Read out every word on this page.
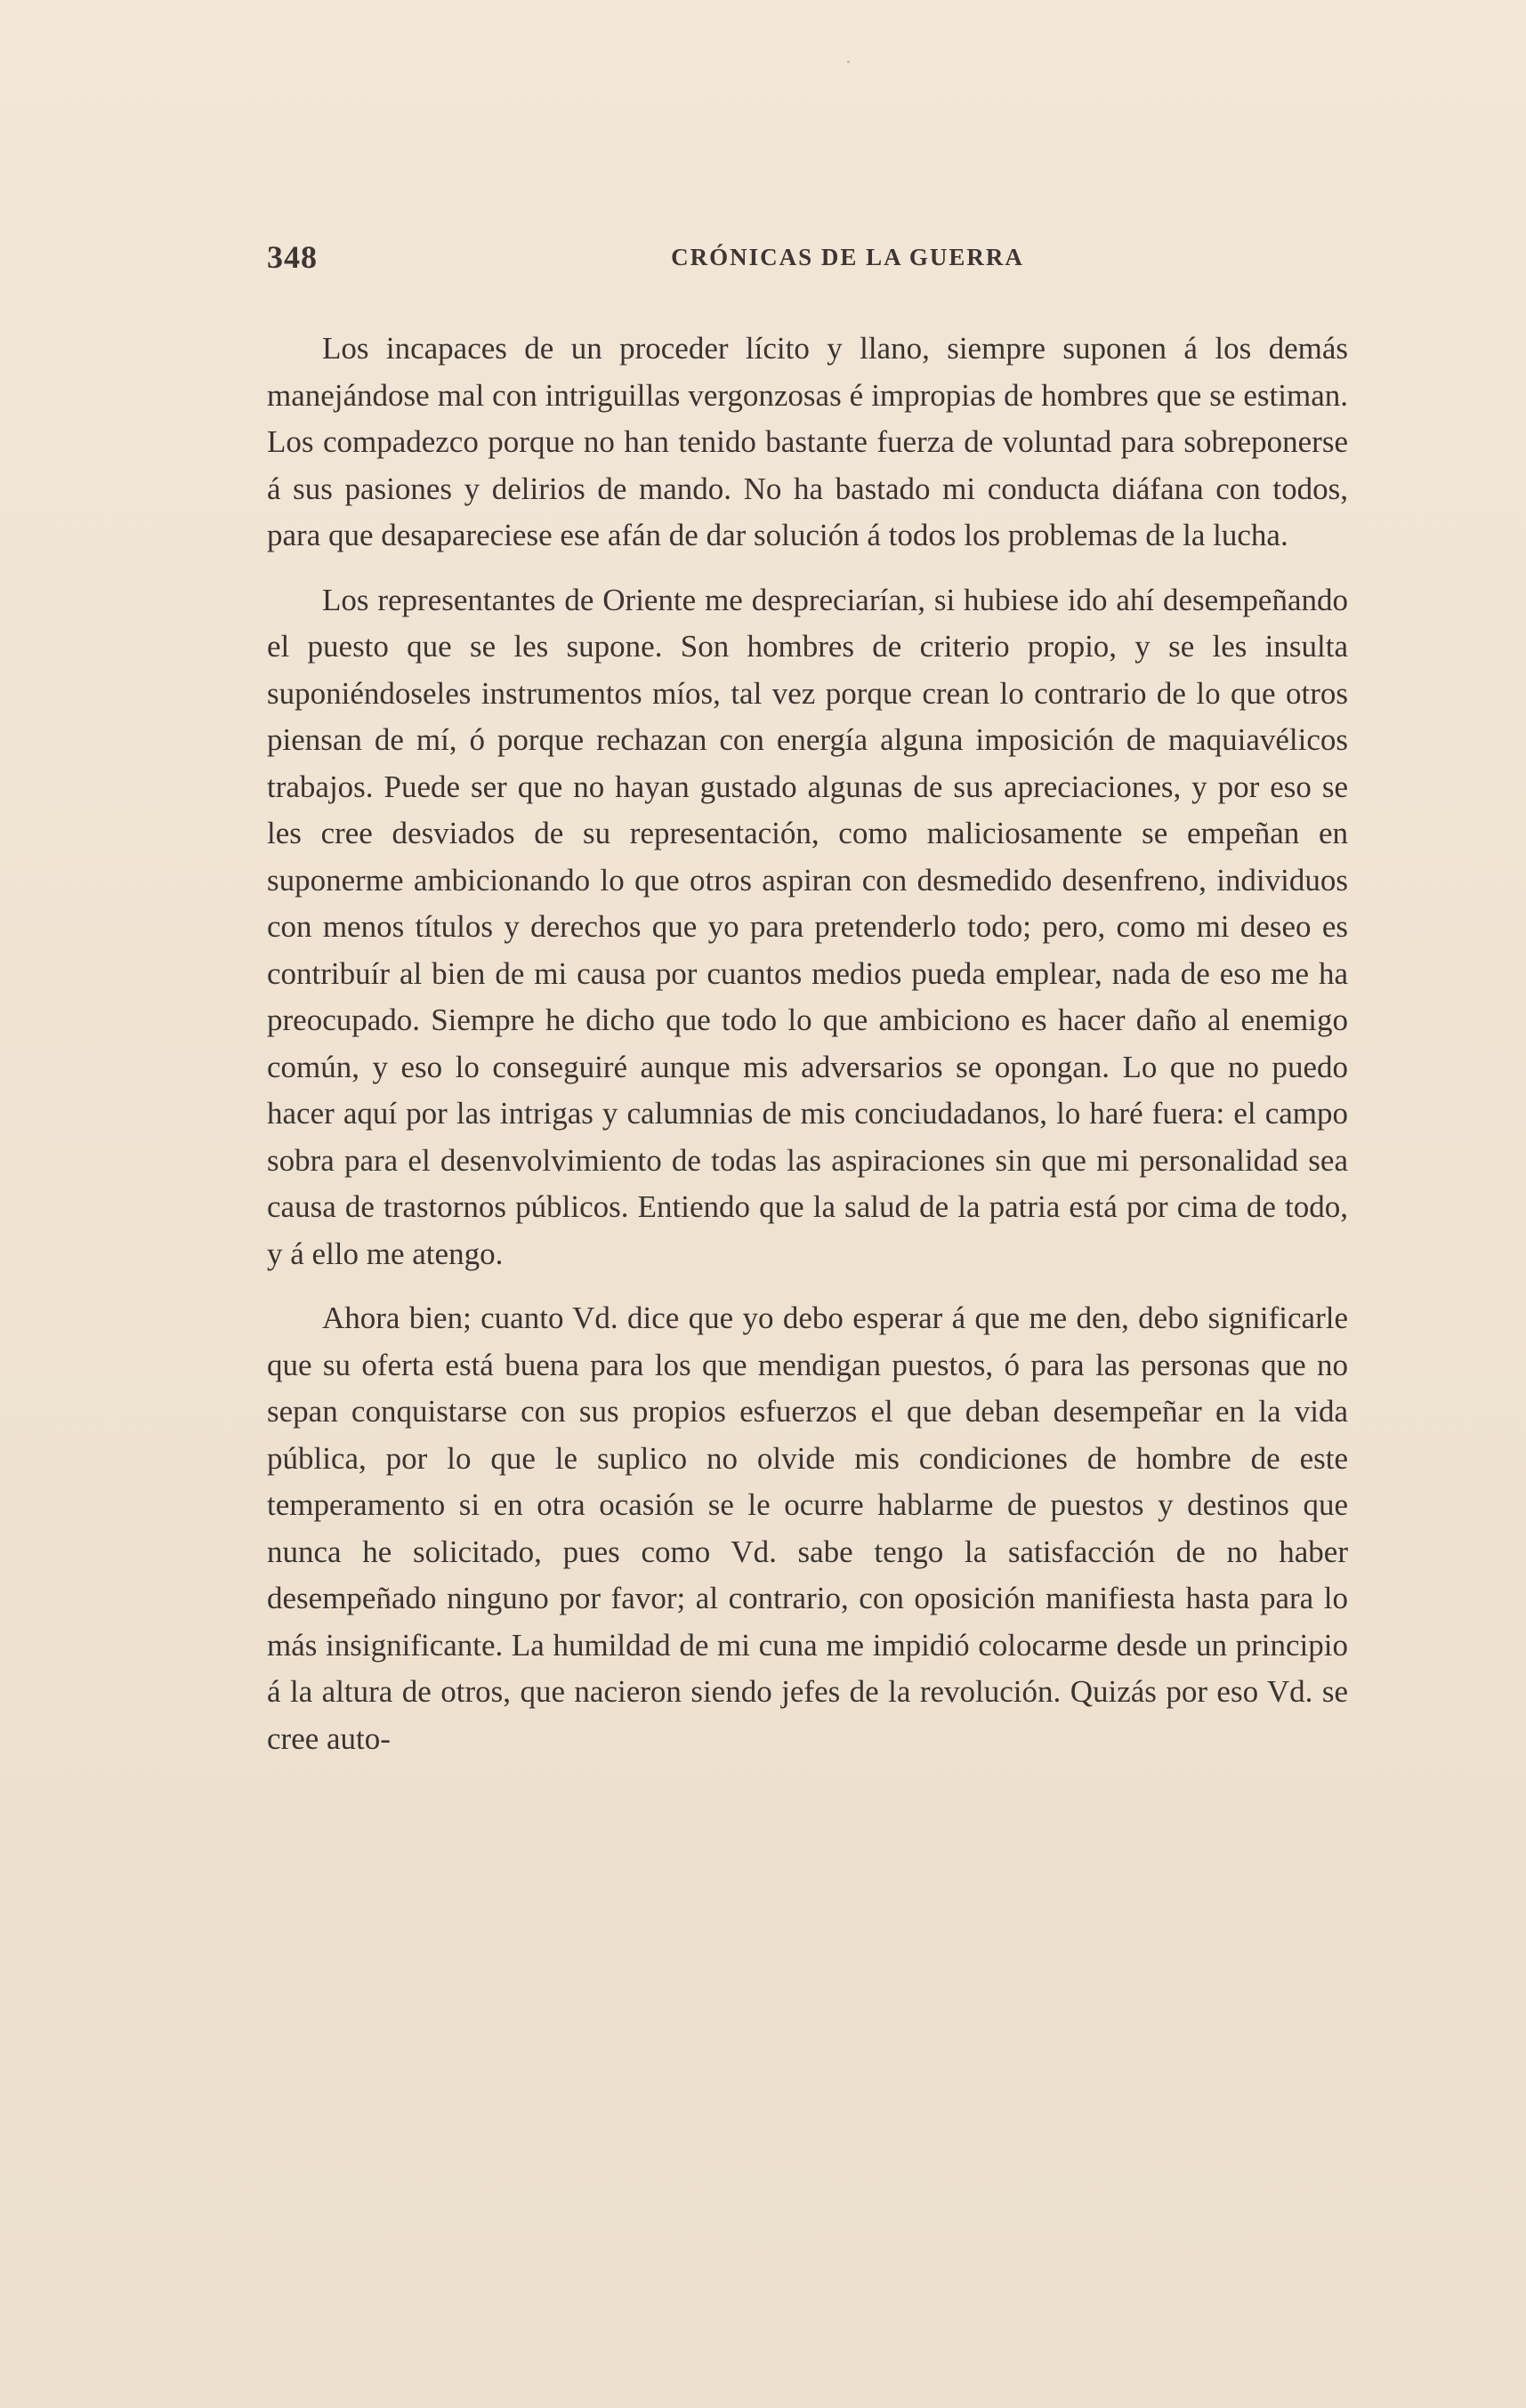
348	CRÓNICAS DE LA GUERRA

Los incapaces de un proceder lícito y llano, siempre suponen á los demás manejándose mal con intriguillas vergonzosas é impropias de hombres que se estiman. Los compadezco porque no han tenido bastante fuerza de voluntad para sobreponerse á sus pasiones y delirios de mando. No ha bastado mi conducta diáfana con todos, para que desapareciese ese afán de dar solución á todos los problemas de la lucha.

Los representantes de Oriente me despreciarían, si hubiese ido ahí desempeñando el puesto que se les supone. Son hombres de criterio propio, y se les insulta suponiéndoseles instrumentos míos, tal vez porque crean lo contrario de lo que otros piensan de mí, ó porque rechazan con energía alguna imposición de maquiavélicos trabajos. Puede ser que no hayan gustado algunas de sus apreciaciones, y por eso se les cree desviados de su representación, como maliciosamente se empeñan en suponerme ambicionando lo que otros aspiran con desmedido desenfreno, individuos con menos títulos y derechos que yo para pretenderlo todo; pero, como mi deseo es contribuír al bien de mi causa por cuantos medios pueda emplear, nada de eso me ha preocupado. Siempre he dicho que todo lo que ambiciono es hacer daño al enemigo común, y eso lo conseguiré aunque mis adversarios se opongan. Lo que no puedo hacer aquí por las intrigas y calumnias de mis conciudadanos, lo haré fuera: el campo sobra para el desenvolvimiento de todas las aspiraciones sin que mi personalidad sea causa de trastornos públicos. Entiendo que la salud de la patria está por cima de todo, y á ello me atengo.

Ahora bien; cuanto Vd. dice que yo debo esperar á que me den, debo significarle que su oferta está buena para los que mendigan puestos, ó para las personas que no sepan conquistarse con sus propios esfuerzos el que deban desempeñar en la vida pública, por lo que le suplico no olvide mis condiciones de hombre de este temperamento si en otra ocasión se le ocurre hablarme de puestos y destinos que nunca he solicitado, pues como Vd. sabe tengo la satisfacción de no haber desempeñado ninguno por favor; al contrario, con oposición manifiesta hasta para lo más insignificante. La humildad de mi cuna me impidió colocarme desde un principio á la altura de otros, que nacieron siendo jefes de la revolución. Quizás por eso Vd. se cree auto-
